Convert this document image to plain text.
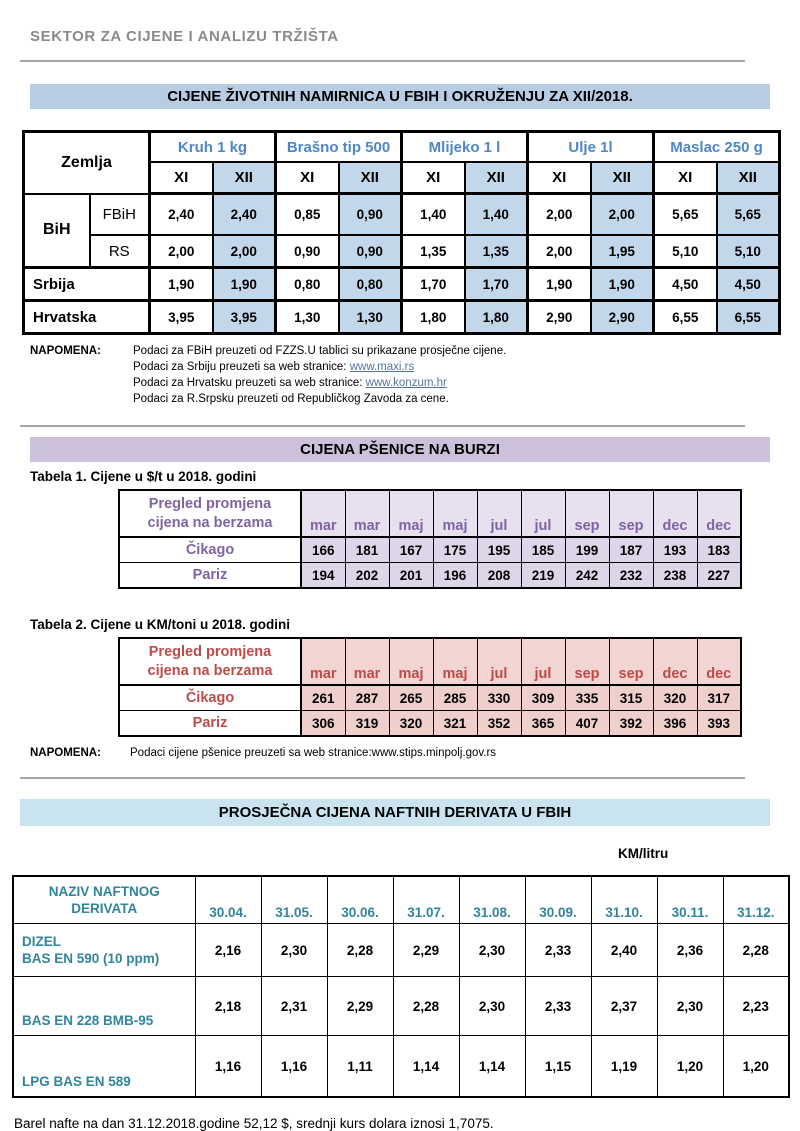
SEKTOR ZA CIJENE I ANALIZU TRŽIŠTA
CIJENE ŽIVOTNIH NAMIRNICA U FBIH I OKRUŽENJU ZA XII/2018.
Zemlja		Kruh 1 kg		Brašno tip 500		Mlijeko 1 l		Ulje 1l		Maslac 250 g	
		XI	XII	XI	XII	XI	XII	XI	XII	XI	XII
BiH	FBiH	2,40	2,40	0,85	0,90	1,40	1,40	2,00	2,00	5,65	5,65
	RS	2,00	2,00	0,90	0,90	1,35	1,35	2,00	1,95	5,10	5,10
Srbija		1,90	1,90	0,80	0,80	1,70	1,70	1,90	1,90	4,50	4,50
Hrvatska		3,95	3,95	1,30	1,30	1,80	1,80	2,90	2,90	6,55	6,55
NAPOMENA:	Podaci za FBiH preuzeti od FZZS.U tablici su prikazane prosječne cijene.
Podaci za Srbiju preuzeti sa web stranice: www.maxi.rs
Podaci za Hrvatsku preuzeti sa web stranice: www.konzum.hr
Podaci za R.Srpsku preuzeti od Republičkog Zavoda za cene.
CIJENA PŠENICE NA BURZI
Tabela 1. Cijene u $/t u 2018. godini
Pregled promjena
cijena na berzama	mar	mar	maj	maj	jul	jul	sep	sep	dec	dec
Čikago	166	181	167	175	195	185	199	187	193	183
Pariz	194	202	201	196	208	219	242	232	238	227
Tabela 2. Cijene u KM/toni u 2018. godini
Pregled promjena
cijena na berzama	mar	mar	maj	maj	jul	jul	sep	sep	dec	dec
Čikago	261	287	265	285	330	309	335	315	320	317
Pariz	306	319	320	321	352	365	407	392	396	393
NAPOMENA:	Podaci cijene pšenice preuzeti sa web stranice:www.stips.minpolj.gov.rs
PROSJEČNA CIJENA NAFTNIH DERIVATA U FBIH
KM/litru
NAZIV NAFTNOG
DERIVATA	30.04.	31.05.	30.06.	31.07.	31.08.	30.09.	31.10.	30.11.	31.12.

DIZEL
BAS EN 590 (10 ppm)	2,16	2,30	2,28	2,29	2,30	2,33	2,40	2,36	2,28

BAS EN 228 BMB-95	2,18	2,31	2,29	2,28	2,30	2,33	2,37	2,30	2,23

LPG BAS EN 589	1,16	1,16	1,11	1,14	1,14	1,15	1,19	1,20	1,20
Barel nafte na dan 31.12.2018.godine 52,12 $, srednji kurs dolara iznosi 1,7075.
